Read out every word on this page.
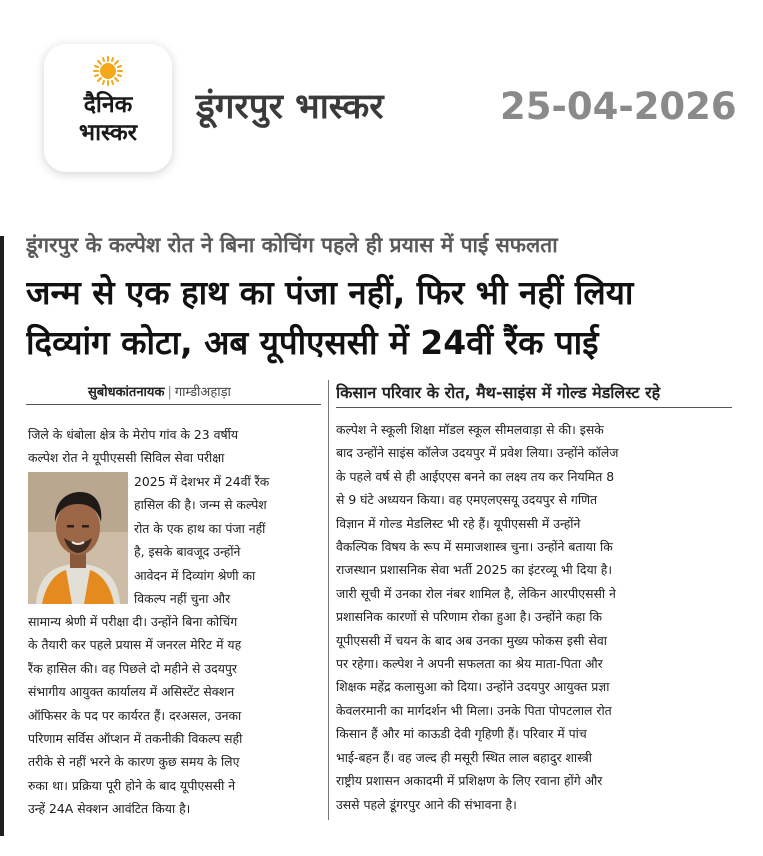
दैनिक
भास्कर
डूंगरपुर भास्कर	25-04-2026
डूंगरपुर के कल्पेश रोत ने बिना कोचिंग पहले ही प्रयास में पाई सफलता
जन्म से एक हाथ का पंजा नहीं, फिर भी नहीं लिया
दिव्यांग कोटा, अब यूपीएससी में 24वीं रैंक पाई
सुबोधकांतनायक | गाम्डीअहाड़ा	किसान परिवार के रोत, मैथ-साइंस में गोल्ड मेडलिस्ट रहे
जिले के धंबोला क्षेत्र के मेरोप गांव के 23 वर्षीय
कल्पेश रोत ने यूपीएससी सिविल सेवा परीक्षा
2025 में देशभर में 24वीं रैंक
हासिल की है। जन्म से कल्पेश
रोत के एक हाथ का पंजा नहीं
है, इसके बावजूद उन्होंने
आवेदन में दिव्यांग श्रेणी का
विकल्प नहीं चुना और
सामान्य श्रेणी में परीक्षा दी। उन्होंने बिना कोचिंग
के तैयारी कर पहले प्रयास में जनरल मेरिट में यह
रैंक हासिल की। वह पिछले दो महीने से उदयपुर
संभागीय आयुक्त कार्यालय में असिस्टेंट सेक्शन
ऑफिसर के पद पर कार्यरत हैं। दरअसल, उनका
परिणाम सर्विस ऑप्शन में तकनीकी विकल्प सही
तरीके से नहीं भरने के कारण कुछ समय के लिए
रुका था। प्रक्रिया पूरी होने के बाद यूपीएससी ने
उन्हें 24A सेक्शन आवंटित किया है।
कल्पेश ने स्कूली शिक्षा मॉडल स्कूल सीमलवाड़ा से की। इसके
बाद उन्होंने साइंस कॉलेज उदयपुर में प्रवेश लिया। उन्होंने कॉलेज
के पहले वर्ष से ही आईएएस बनने का लक्ष्य तय कर नियमित 8
से 9 घंटे अध्ययन किया। वह एमएलएसयू उदयपुर से गणित
विज्ञान में गोल्ड मेडलिस्ट भी रहे हैं। यूपीएससी में उन्होंने
वैकल्पिक विषय के रूप में समाजशास्त्र चुना। उन्होंने बताया कि
राजस्थान प्रशासनिक सेवा भर्ती 2025 का इंटरव्यू भी दिया है।
जारी सूची में उनका रोल नंबर शामिल है, लेकिन आरपीएससी ने
प्रशासनिक कारणों से परिणाम रोका हुआ है। उन्होंने कहा कि
यूपीएससी में चयन के बाद अब उनका मुख्य फोकस इसी सेवा
पर रहेगा। कल्पेश ने अपनी सफलता का श्रेय माता-पिता और
शिक्षक महेंद्र कलासुआ को दिया। उन्होंने उदयपुर आयुक्त प्रज्ञा
केवलरमानी का मार्गदर्शन भी मिला। उनके पिता पोपटलाल रोत
किसान हैं और मां काऊडी देवी गृहिणी हैं। परिवार में पांच
भाई-बहन हैं। वह जल्द ही मसूरी स्थित लाल बहादुर शास्त्री
राष्ट्रीय प्रशासन अकादमी में प्रशिक्षण के लिए रवाना होंगे और
उससे पहले डूंगरपुर आने की संभावना है।
